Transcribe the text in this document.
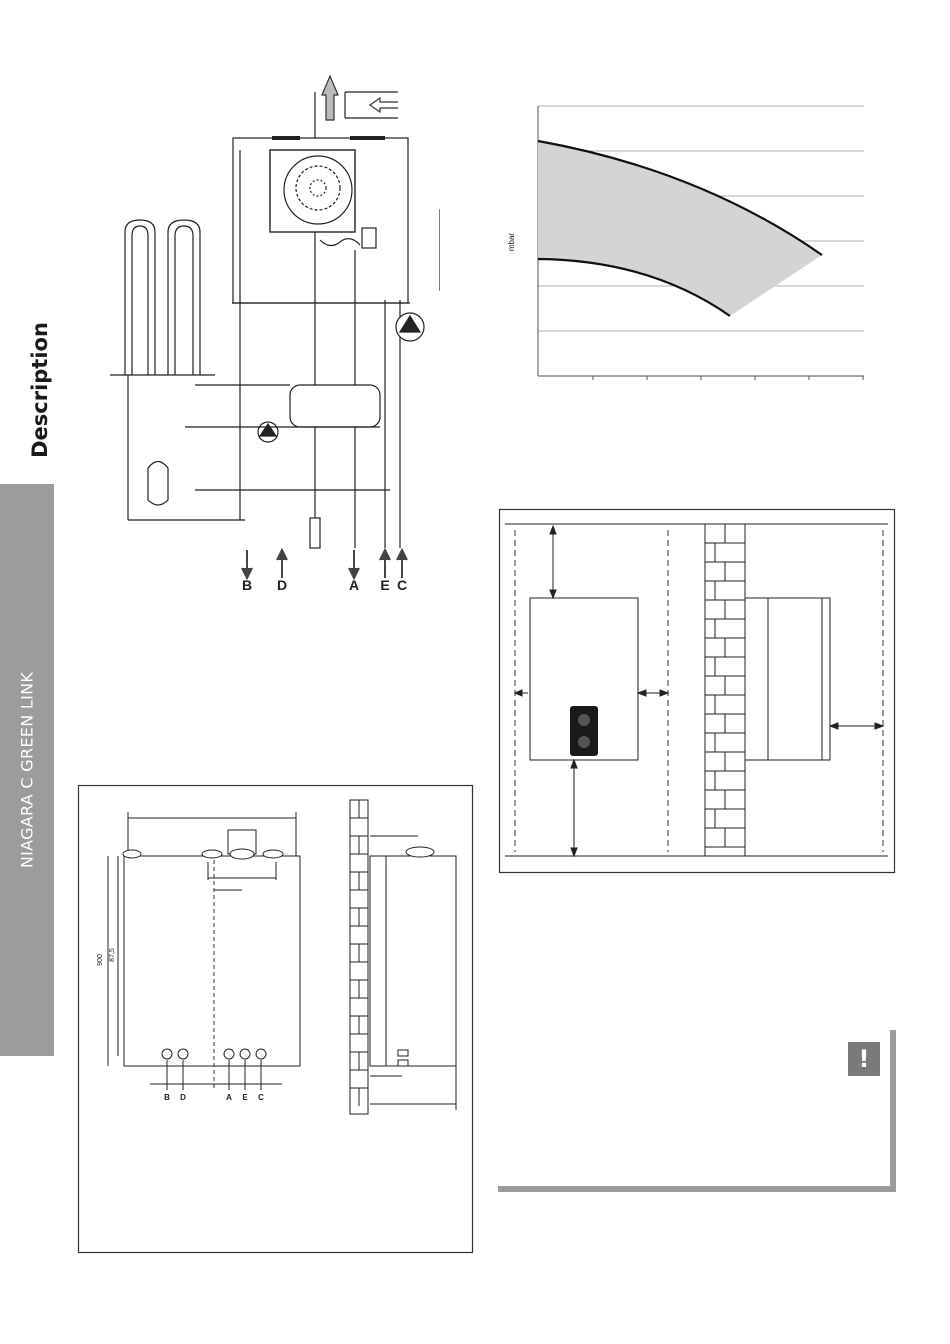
NIAGARA C GREEN LINK
Description
B D	A E C
mbar
900 87,5
B D	A E C
!
